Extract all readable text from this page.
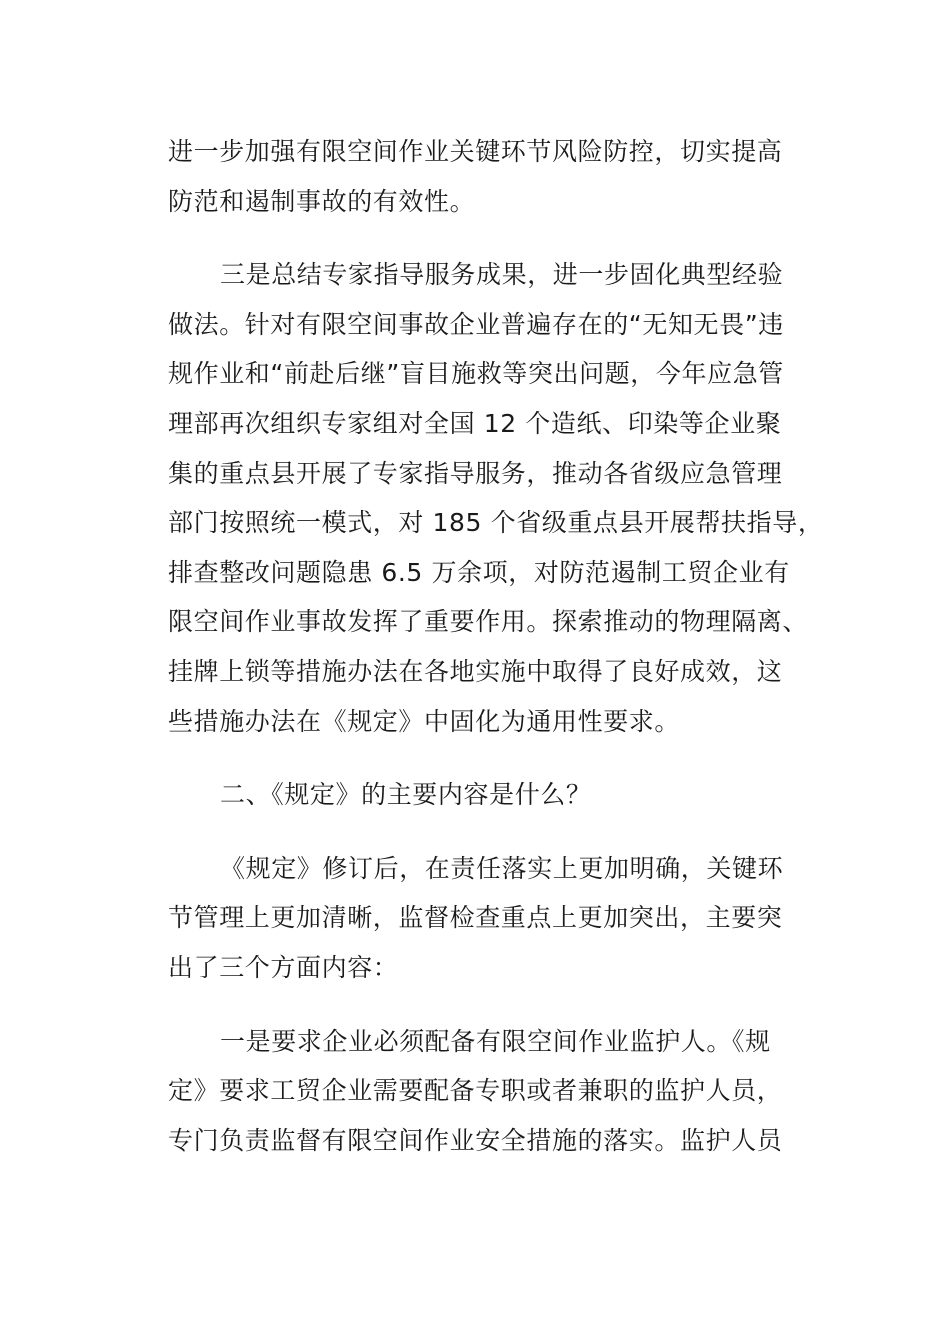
进一步加强有限空间作业关键环节风险防控，切实提高
防范和遏制事故的有效性。
三是总结专家指导服务成果，进一步固化典型经验
做法。针对有限空间事故企业普遍存在的“无知无畏”违
规作业和“前赴后继”盲目施救等突出问题，今年应急管
理部再次组织专家组对全国 12 个造纸、印染等企业聚
集的重点县开展了专家指导服务，推动各省级应急管理
部门按照统一模式，对 185 个省级重点县开展帮扶指导，
排查整改问题隐患 6.5 万余项，对防范遏制工贸企业有
限空间作业事故发挥了重要作用。探索推动的物理隔离、
挂牌上锁等措施办法在各地实施中取得了良好成效，这
些措施办法在《规定》中固化为通用性要求。
二、《规定》的主要内容是什么？
《规定》修订后，在责任落实上更加明确，关键环
节管理上更加清晰，监督检查重点上更加突出，主要突
出了三个方面内容：
一是要求企业必须配备有限空间作业监护人。《规
定》要求工贸企业需要配备专职或者兼职的监护人员，
专门负责监督有限空间作业安全措施的落实。监护人员
